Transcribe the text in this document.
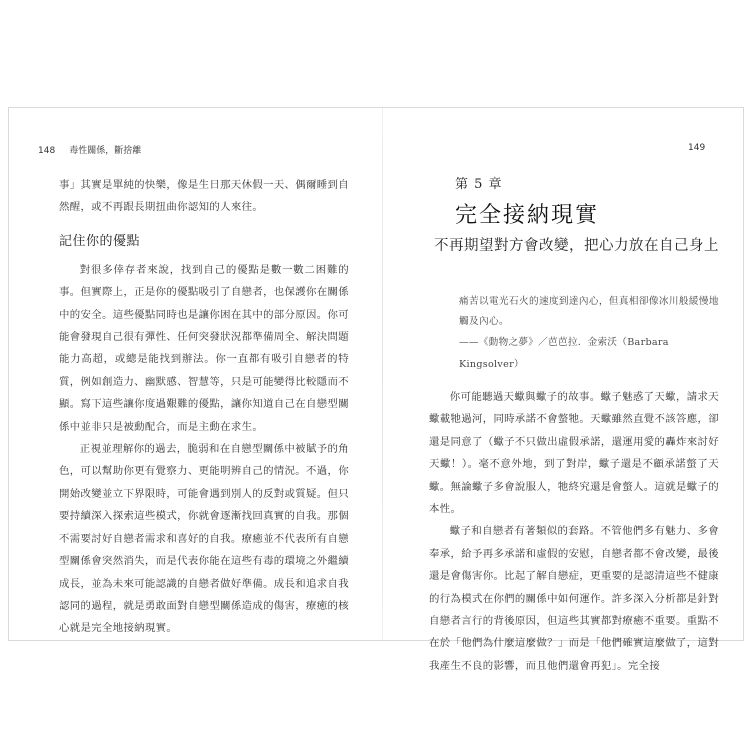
148 毒性關係，斷捨離	149

事」其實是單純的快樂，像是生日那天休假一天、偶爾睡到自然醒，或不再跟長期扭曲你認知的人來往。

記住你的優點

對很多倖存者來說，找到自己的優點是數一數二困難的事。但實際上，正是你的優點吸引了自戀者，也保護你在關係中的安全。這些優點同時也是讓你困在其中的部分原因。你可能會發現自己很有彈性、任何突發狀況都準備周全、解決問題能力高超，或總是能找到辦法。你一直都有吸引自戀者的特質，例如創造力、幽默感、智慧等，只是可能變得比較隱而不顯。寫下這些讓你度過艱難的優點，讓你知道自己在自戀型關係中並非只是被動配合，而是主動在求生。

正視並理解你的過去，脆弱和在自戀型關係中被賦予的角色，可以幫助你更有覺察力、更能明辨自己的情況。不過，你開始改變並立下界限時，可能會遇到別人的反對或質疑。但只要持續深入探索這些模式，你就會逐漸找回真實的自我。那個不需要討好自戀者需求和喜好的自我。療癒並不代表所有自戀型關係會突然消失，而是代表你能在這些有毒的環境之外繼續成長，並為未來可能認識的自戀者做好準備。成長和追求自我認同的過程，就是勇敢面對自戀型關係造成的傷害，療癒的核心就是完全地接納現實。

第 5 章
完全接納現實
不再期望對方會改變，把心力放在自己身上
痛苦以電光石火的速度到達內心，但真相卻像冰川般緩慢地觸及內心。
——《動物之夢》／芭芭拉．金索沃（Barbara Kingsolver）

你可能聽過天蠍與蠍子的故事。蠍子魅惑了天蠍，請求天蠍載牠過河，同時承諾不會螫牠。天蠍雖然直覺不該答應，卻還是同意了（蠍子不只做出虛假承諾，還運用愛的轟炸來討好天蠍！）。毫不意外地，到了對岸，蠍子還是不顧承諾螫了天蠍。無論蠍子多會說服人，牠終究還是會螫人。這就是蠍子的本性。

蠍子和自戀者有著類似的套路。不管他們多有魅力、多會奉承，給予再多承諾和虛假的安慰，自戀者都不會改變，最後還是會傷害你。比起了解自戀症，更重要的是認清這些不健康的行為模式在你們的關係中如何運作。許多深入分析都是針對自戀者言行的背後原因，但這些其實都對療癒不重要。重點不在於「他們為什麼這麼做？」而是「他們確實這麼做了，這對我產生不良的影響，而且他們還會再犯」。完全接
